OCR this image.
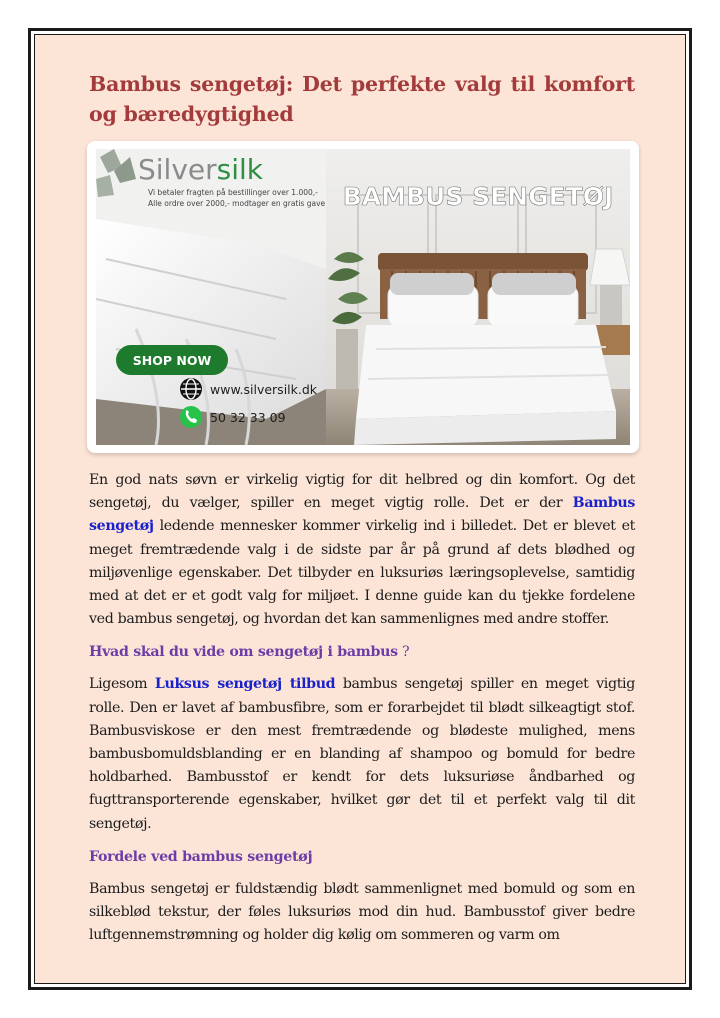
Bambus sengetøj: Det perfekte valg til komfort og bæredygtighed
BAMBUS SENGETØJ
Silversilk
Vi betaler fragten på bestillinger over 1.000,-
Alle ordre over 2000,- modtager en gratis gave
SHOP NOW
www.silversilk.dk
50 32 33 09

En god nats søvn er virkelig vigtig for dit helbred og din komfort. Og det sengetøj, du vælger, spiller en meget vigtig rolle. Det er der Bambus sengetøj ledende mennesker kommer virkelig ind i billedet. Det er blevet et meget fremtrædende valg i de sidste par år på grund af dets blødhed og miljøvenlige egenskaber. Det tilbyder en luksuriøs læringsoplevelse, samtidig med at det er et godt valg for miljøet. I denne guide kan du tjekke fordelene ved bambus sengetøj, og hvordan det kan sammenlignes med andre stoffer.

Hvad skal du vide om sengetøj i bambus ?

Ligesom Luksus sengetøj tilbud bambus sengetøj spiller en meget vigtig rolle. Den er lavet af bambusfibre, som er forarbejdet til blødt silkeagtigt stof. Bambusviskose er den mest fremtrædende og blødeste mulighed, mens bambusbomuldsblanding er en blanding af shampoo og bomuld for bedre holdbarhed. Bambusstof er kendt for dets luksuriøse åndbarhed og fugttransporterende egenskaber, hvilket gør det til et perfekt valg til dit sengetøj.

Fordele ved bambus sengetøj

Bambus sengetøj er fuldstændig blødt sammenlignet med bomuld og som en silkeblød tekstur, der føles luksuriøs mod din hud. Bambusstof giver bedre luftgennemstrømning og holder dig kølig om sommeren og varm om
